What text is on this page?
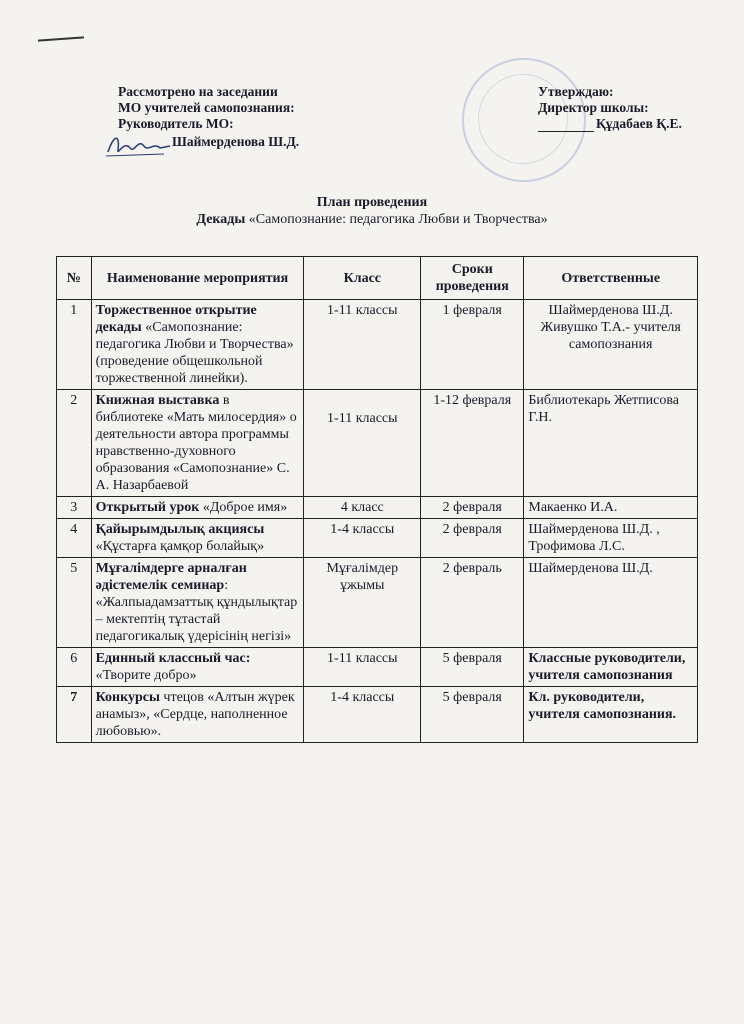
Рассмотрено на заседании
МО учителей самопознания:
Руководитель МО:
Шаймерденова Ш.Д.
Утверждаю:
Директор школы:
Құдабаев Қ.Е.
План проведения
Декады «Самопознание: педагогика Любви и Творчества»
№	Наименование мероприятия	Класс	Сроки проведения	Ответственные
1	Торжественное открытие декады «Самопознание: педагогика Любви и Творчества» (проведение общешкольной торжественной линейки).	1-11 классы	1 февраля	Шаймерденова Ш.Д. Живушко Т.А.- учителя самопознания
2	Книжная выставка в библиотеке «Мать милосердия» о деятельности автора программы нравственно-духовного образования «Самопознание» С. А. Назарбаевой	1-11 классы	1-12 февраля	Библиотекарь Жетписова Г.Н.
3	Открытый урок «Доброе имя»	4 класс	2 февраля	Макаенко И.А.
4	Қайырымдылық акциясы «Құстарға қамқор болайық»	1-4 классы	2 февраля	Шаймерденова Ш.Д. , Трофимова Л.С.
5	Мұғалімдерге арналған әдістемелік семинар: «Жалпыадамзаттық құндылықтар – мектептің тұтастай педагогикалық үдерісінің негізі»	Мұғалімдер ұжымы	2 февраль	Шаймерденова Ш.Д.
6	Единный классный час: «Творите добро»	1-11 классы	5 февраля	Классные руководители, учителя самопознания
7	Конкурсы чтецов «Алтын жүрек анамыз», «Сердце, наполненное любовью».	1-4 классы	5 февраля	Кл. руководители, учителя самопознания.
